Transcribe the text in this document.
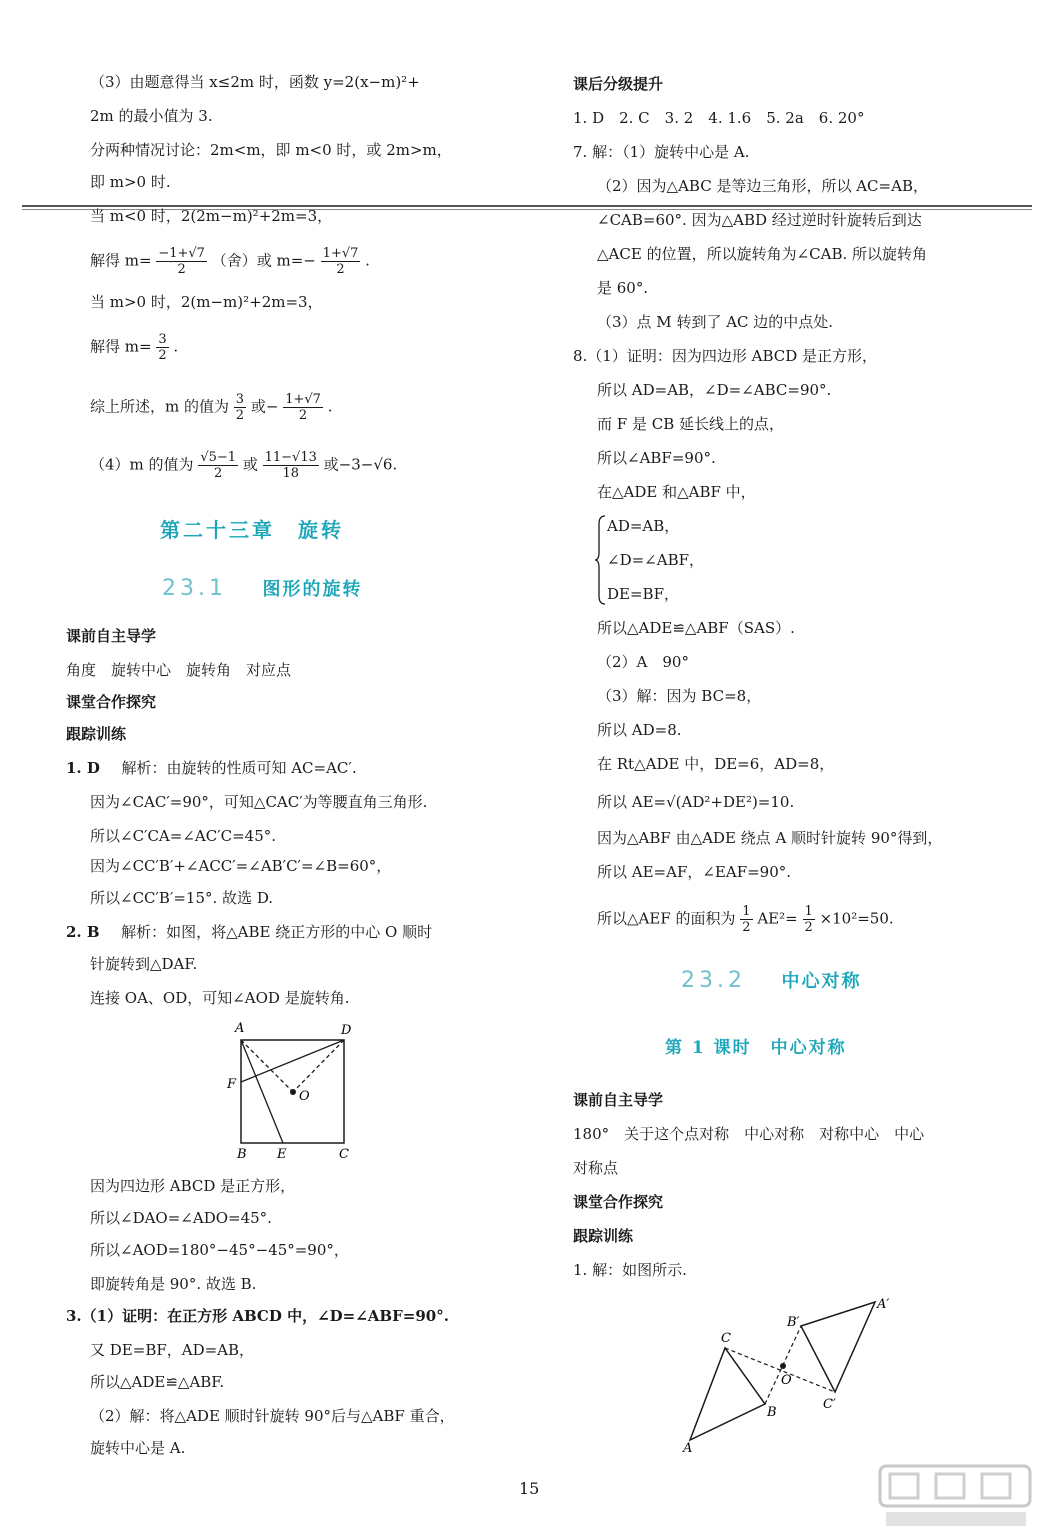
（3）由题意得当 x≤2m 时，函数 y=2(x−m)²+
2m 的最小值为 3.
分两种情况讨论：2m<m，即 m<0 时，或 2m>m，
即 m>0 时.
当 m<0 时，2(2m−m)²+2m=3，
解得 $m= \frac{-1+√7}{2}$ （舍）或 $m=- \frac{1+√7}{2}$ .
当 m>0 时，2(m−m)²+2m=3，
解得 $m= \frac{3}{2}$ .
综上所述，m 的值为 $\frac{3}{2}$ 或− $\frac{1+√7}{2}$ .
（4）m 的值为 $\frac{√5-1}{2}$ 或 $\frac{11-√13}{18}$ 或−3−√6.
第二十三章　旋转
23.1 图形的旋转
课前自主导学
角度　旋转中心　旋转角　对应点
课堂合作探究
跟踪训练
1. D 解析：由旋转的性质可知 AC=AC′.
因为∠CAC′=90°，可知△CAC′为等腰直角三角形.
所以∠C′CA=∠AC′C=45°.
因为∠CC′B′+∠ACC′=∠AB′C′=∠B=60°，
所以∠CC′B′=15°. 故选 D.
2. B 解析：如图，将△ABE 绕正方形的中心 O 顺时
针旋转到△DAF.
连接 OA、OD，可知∠AOD 是旋转角.
A	D
F
O
B E	C
因为四边形 ABCD 是正方形，
所以∠DAO=∠ADO=45°.
所以∠AOD=180°−45°−45°=90°，
即旋转角是 90°. 故选 B.
3.（1）证明：在正方形 ABCD 中，∠D=∠ABF=90°.
又 DE=BF，AD=AB，
所以△ADE≌△ABF.
（2）解：将△ADE 顺时针旋转 90°后与△ABF 重合，
旋转中心是 A.
课后分级提升
1. D　2. C　3. 2　4. 1.6　5. 2a　6. 20°
7. 解：（1）旋转中心是 A.
（2）因为△ABC 是等边三角形，所以 AC=AB，
∠CAB=60°. 因为△ABD 经过逆时针旋转后到达
△ACE 的位置，所以旋转角为∠CAB. 所以旋转角
是 60°.
（3）点 M 转到了 AC 边的中点处.
8.（1）证明：因为四边形 ABCD 是正方形，
所以 AD=AB，∠D=∠ABC=90°.
而 F 是 CB 延长线上的点，
所以∠ABF=90°.
在△ADE 和△ABF 中，
AD=AB，
∠D=∠ABF，
DE=BF，
所以△ADE≌△ABF（SAS）.
（2）A　90°
（3）解：因为 BC=8，
所以 AD=8.
在 Rt△ADE 中，DE=6，AD=8，
所以 AE=√(AD²+DE²)=10.
因为△ABF 由△ADE 绕点 A 顺时针旋转 90°得到，
所以 AE=AF，∠EAF=90°.
所以△AEF 的面积为 $\frac{1}{2} AE^2= \frac{1}{2} \times 10^2=50$.
23.2 中心对称
第 1 课时　中心对称
课前自主导学
180°　关于这个点对称　中心对称　对称中心　中心
对称点
课堂合作探究
跟踪训练
1. 解：如图所示.
C
A
B
O
B′
A′
C′
15
